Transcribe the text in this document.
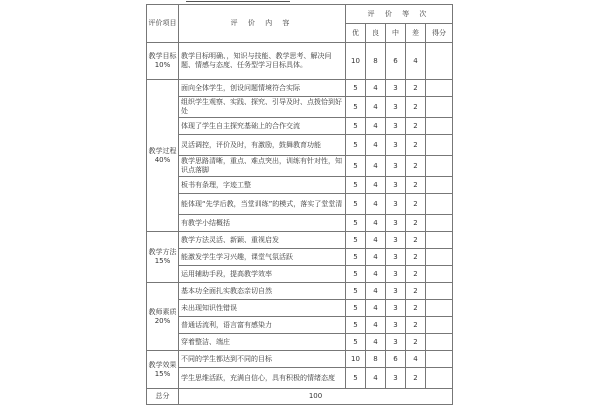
评价项目	评 价 内 容	评 价 等 次				
		优	良	中	差	得分

教学目标
10%	教学目标明确、，知识与技能、教学思考、解决问题、情感与态度、任务型学习目标具体。	10	8	6	4	

教学过程
40%	面向全体学生，创设问题情境符合实际	5	4	3	2	
	组织学生观察、实践、探究、引导及时、点拨恰到好处	5	4	3	2	
	体现了学生自主探究基础上的合作交流	5	4	3	2	
	灵活调控，评价及时，有激励，鼓舞教育功能	5	4	3	2	
	教学思路清晰，重点、难点突出，训练有针对性，知识点落脚	5	4	3	2	
	板书有条理，字迹工整	5	4	3	2	
	能体现“先学后教，当堂训练”的模式，落实了堂堂清	5	4	3	2	
	有教学小结概括	5	4	3	2	

教学方法
15%	教学方法灵活、新颖、重视启发	5	4	3	2	
	能激发学生学习兴趣，课堂气氛活跃	5	4	3	2	
	运用辅助手段，提高教学效率	5	4	3	2	

教师素质
20%	基本功全面扎实教态亲切自然	5	4	3	2	
	未出现知识性错误	5	4	3	2	
	普通话流利，语言富有感染力	5	4	3	2	
	穿着整洁、端庄	5	4	3	2	

教学效果
15%	不同的学生都达到不同的目标	10	8	6	4	
	学生思维活跃，充满自信心，具有积极的情绪态度	5	4	3	2	
总分	100					
